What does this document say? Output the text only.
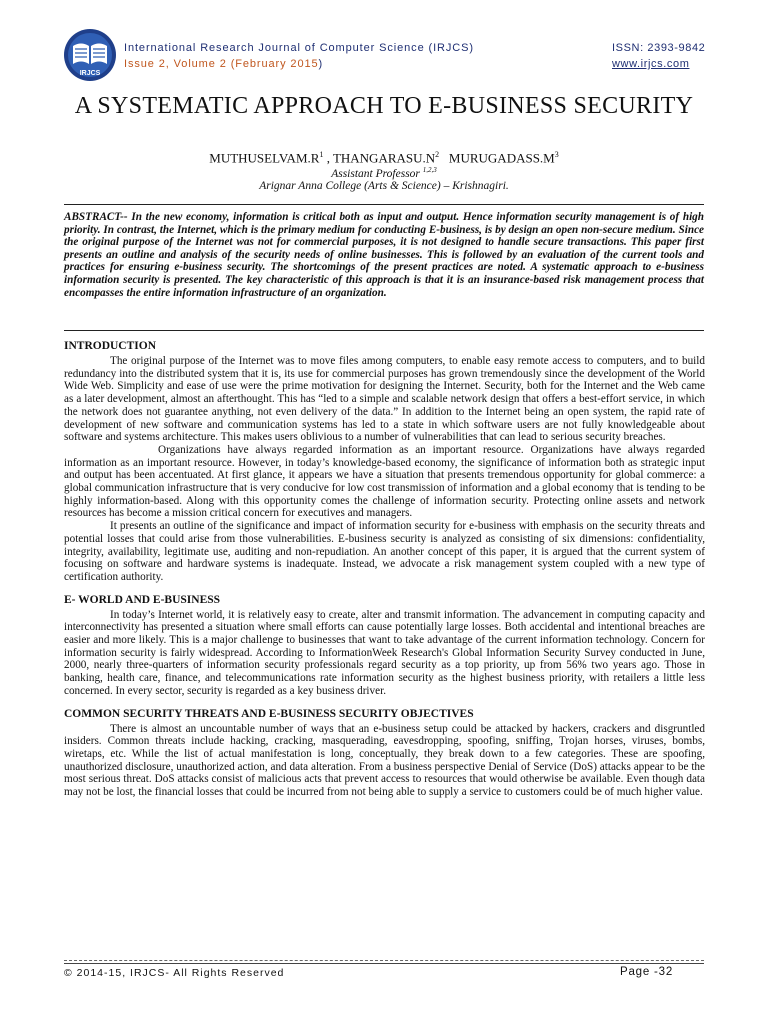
IRJCS
International Research Journal of Computer Science (IRJCS)
Issue 2, Volume 2 (February 2015)
ISSN: 2393-9842
www.irjcs.com
A SYSTEMATIC APPROACH TO E-BUSINESS SECURITY
$MUTHUSELVAM.R^1$ , $THANGARASU.N^2$ $MURUGADASS.M^3$
Assistant Professor $^{1,2,3}$
Arignar Anna College (Arts & Science) – Krishnagiri.
ABSTRACT-- In the new economy, information is critical both as input and output. Hence information security management is of high priority. In contrast, the Internet, which is the primary medium for conducting E-business, is by design an open non-secure medium. Since the original purpose of the Internet was not for commercial purposes, it is not designed to handle secure transactions. This paper first presents an outline and analysis of the security needs of online businesses. This is followed by an evaluation of the current tools and practices for ensuring e-business security. The shortcomings of the present practices are noted. A systematic approach to e-business information security is presented. The key characteristic of this approach is that it is an insurance-based risk management process that encompasses the entire information infrastructure of an organization.
INTRODUCTION

The original purpose of the Internet was to move files among computers, to enable easy remote access to computers, and to build redundancy into the distributed system that it is, its use for commercial purposes has grown tremendously since the development of the World Wide Web. Simplicity and ease of use were the prime motivation for designing the Internet. Security, both for the Internet and the Web came as a later development, almost an afterthought. This has “led to a simple and scalable network design that offers a best-effort service, in which the network does not guarantee anything, not even delivery of the data.” In addition to the Internet being an open system, the rapid rate of development of new software and communication systems has led to a state in which software users are not fully knowledgeable about software and systems architecture. This makes users oblivious to a number of vulnerabilities that can lead to serious security breaches.

Organizations have always regarded information as an important resource. Organizations have always regarded information as an important resource. However, in today’s knowledge-based economy, the significance of information both as strategic input and output has been accentuated. At first glance, it appears we have a situation that presents tremendous opportunity for global commerce: a global communication infrastructure that is very conducive for low cost transmission of information and a global economy that is tending to be highly information-based. Along with this opportunity comes the challenge of information security. Protecting online assets and network resources has become a mission critical concern for executives and managers.

It presents an outline of the significance and impact of information security for e-business with emphasis on the security threats and potential losses that could arise from those vulnerabilities. E-business security is analyzed as consisting of six dimensions: confidentiality, integrity, availability, legitimate use, auditing and non-repudiation. An another concept of this paper, it is argued that the current system of focusing on software and hardware systems is inadequate. Instead, we advocate a risk management system coupled with a new type of certification authority.

E- WORLD AND E-BUSINESS

In today’s Internet world, it is relatively easy to create, alter and transmit information. The advancement in computing capacity and interconnectivity has presented a situation where small efforts can cause potentially large losses. Both accidental and intentional breaches are easier and more likely. This is a major challenge to businesses that want to take advantage of the current information technology. Concern for information security is fairly widespread. According to InformationWeek Research's Global Information Security Survey conducted in June, 2000, nearly three-quarters of information security professionals regard security as a top priority, up from 56% two years ago. Those in banking, health care, finance, and telecommunications rate information security as the highest business priority, with retailers a little less concerned. In every sector, security is regarded as a key business driver.

COMMON SECURITY THREATS AND E-BUSINESS SECURITY OBJECTIVES

There is almost an uncountable number of ways that an e-business setup could be attacked by hackers, crackers and disgruntled insiders. Common threats include hacking, cracking, masquerading, eavesdropping, spoofing, sniffing, Trojan horses, viruses, bombs, wiretaps, etc. While the list of actual manifestation is long, conceptually, they break down to a few categories. These are spoofing, unauthorized disclosure, unauthorized action, and data alteration. From a business perspective Denial of Service (DoS) attacks appear to be the most serious threat. DoS attacks consist of malicious acts that prevent access to resources that would otherwise be available. Even though data may not be lost, the financial losses that could be incurred from not being able to supply a service to customers could be of much higher value.

© 2014-15, IRJCS- All Rights Reserved	Page -32
